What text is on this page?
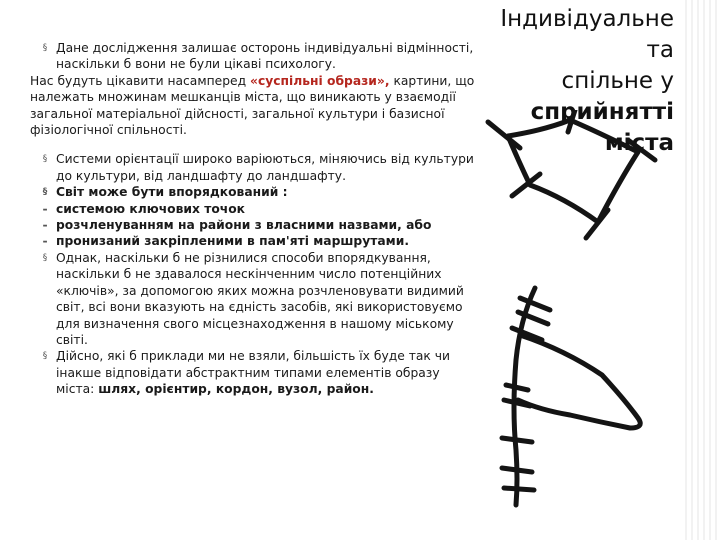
§ Дане дослідження залишає осторонь індивідуальні відмінності, наскільки б вони не були цікаві психологу.

Нас будуть цікавити насамперед «суспільні образи», картини, що належать множинам мешканців міста, що виникають у взаємодії загальної матеріальної дійсності, загальної культури і базисної фізіологічної спільності.

§ Системи орієнтації широко варіюються, міняючись від культури до культури, від ландшафту до ландшафту.

§ Світ може бути впорядкований :

- системою ключових точок

- розчленуванням на райони з власними назвами, або

- пронизаний закріпленими в пам'яті маршрутами.

§ Однак, наскільки б не різнилися способи впорядкування, наскільки б не здавалося нескінченним число потенційних «ключів», за допомогою яких можна розчленовувати видимий світ, всі вони вказують на єдність засобів, які використовуємо для визначення свого місцезнаходження в нашому міському світі.

§ Дійсно, які б приклади ми не взяли, більшість їх буде так чи інакше відповідати абстрактним типами елементів образу міста: шлях, орієнтир, кордон, вузол, район.

Індивідуальне та
спільне у
сприйнятті міста
